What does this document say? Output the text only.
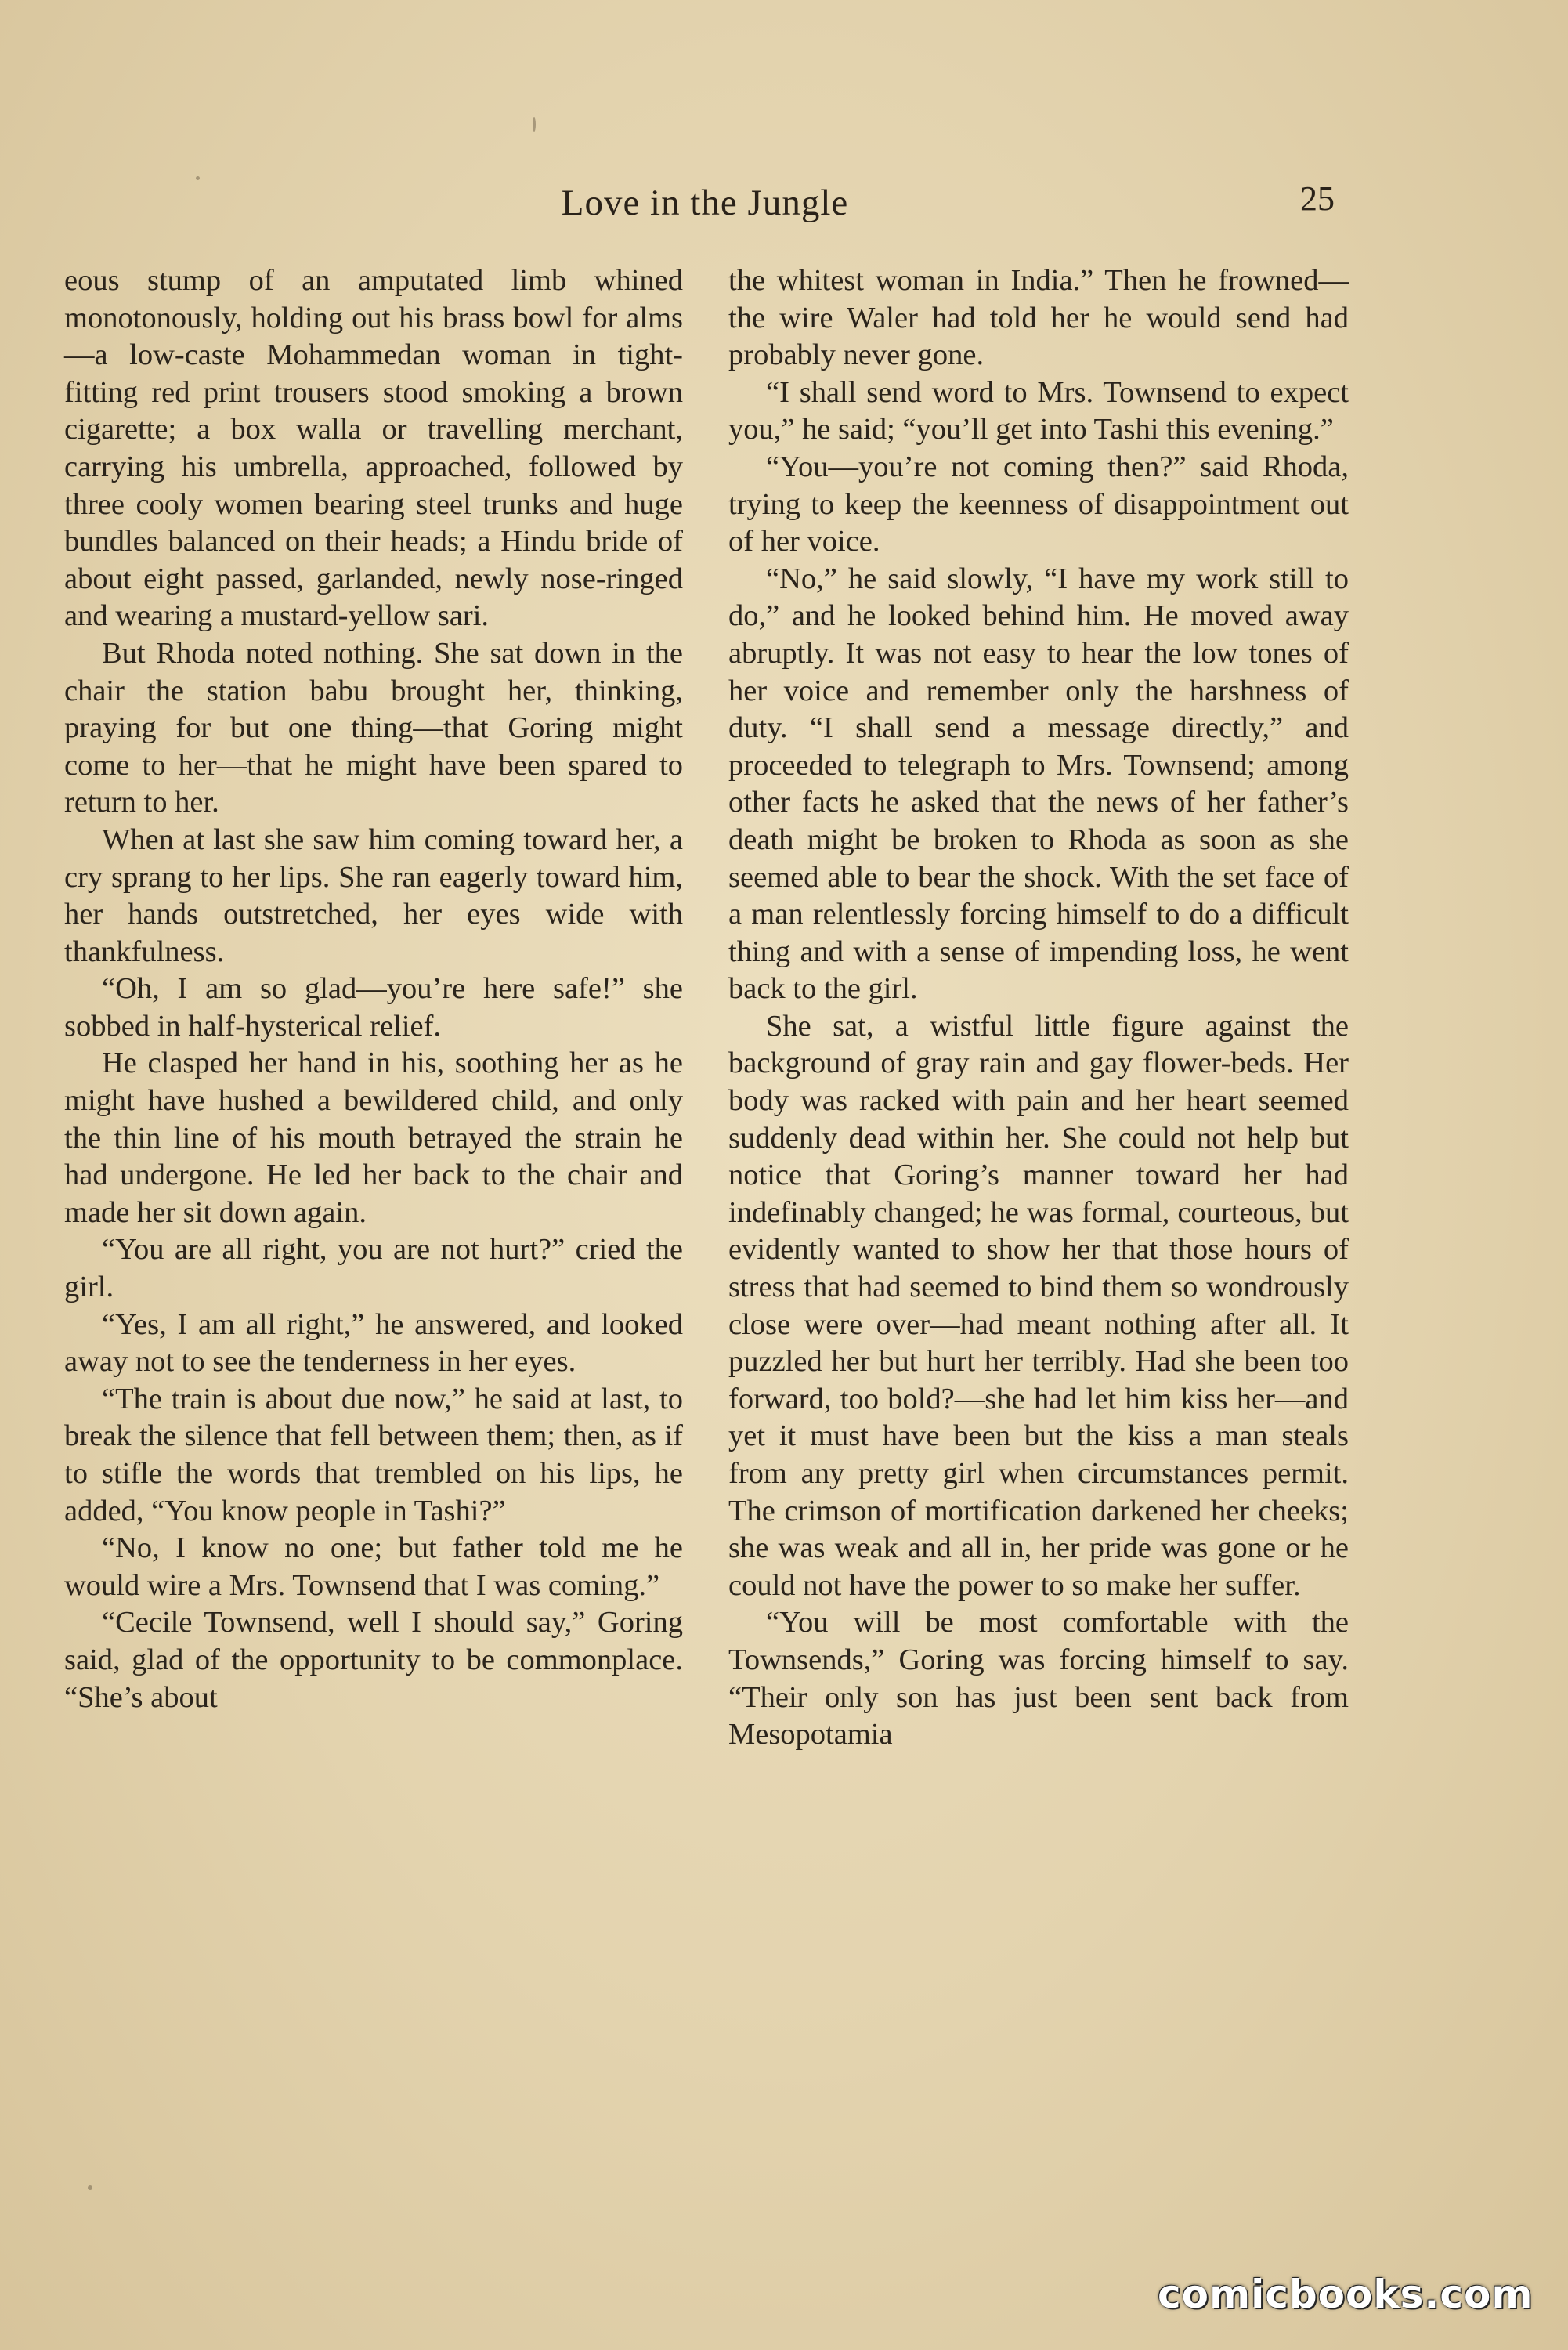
Love in the Jungle	25

eous stump of an amputated limb whined monotonously, holding out his brass bowl for alms—a low-caste Mohammedan woman in tight-fitting red print trousers stood smoking a brown cigarette; a box walla or travelling merchant, carrying his umbrella, approached, followed by three cooly women bearing steel trunks and huge bundles balanced on their heads; a Hindu bride of about eight passed, garlanded, newly nose-ringed and wearing a mustard-yellow sari.

But Rhoda noted nothing. She sat down in the chair the station babu brought her, thinking, praying for but one thing—that Goring might come to her—that he might have been spared to return to her.

When at last she saw him coming toward her, a cry sprang to her lips. She ran eagerly toward him, her hands outstretched, her eyes wide with thankfulness.

“Oh, I am so glad—you’re here safe!” she sobbed in half-hysterical relief.

He clasped her hand in his, soothing her as he might have hushed a bewildered child, and only the thin line of his mouth betrayed the strain he had undergone. He led her back to the chair and made her sit down again.

“You are all right, you are not hurt?” cried the girl.

“Yes, I am all right,” he answered, and looked away not to see the tenderness in her eyes.

“The train is about due now,” he said at last, to break the silence that fell between them; then, as if to stifle the words that trembled on his lips, he added, “You know people in Tashi?”

“No, I know no one; but father told me he would wire a Mrs. Townsend that I was coming.”

“Cecile Townsend, well I should say,” Goring said, glad of the opportunity to be commonplace. “She’s about

the whitest woman in India.” Then he frowned—the wire Waler had told her he would send had probably never gone.

“I shall send word to Mrs. Townsend to expect you,” he said; “you’ll get into Tashi this evening.”

“You—you’re not coming then?” said Rhoda, trying to keep the keenness of disappointment out of her voice.

“No,” he said slowly, “I have my work still to do,” and he looked behind him. He moved away abruptly. It was not easy to hear the low tones of her voice and remember only the harshness of duty. “I shall send a message directly,” and proceeded to telegraph to Mrs. Townsend; among other facts he asked that the news of her father’s death might be broken to Rhoda as soon as she seemed able to bear the shock. With the set face of a man relentlessly forcing himself to do a difficult thing and with a sense of impending loss, he went back to the girl.

She sat, a wistful little figure against the background of gray rain and gay flower-beds. Her body was racked with pain and her heart seemed suddenly dead within her. She could not help but notice that Goring’s manner toward her had indefinably changed; he was formal, courteous, but evidently wanted to show her that those hours of stress that had seemed to bind them so wondrously close were over—had meant nothing after all. It puzzled her but hurt her terribly. Had she been too forward, too bold?—she had let him kiss her—and yet it must have been but the kiss a man steals from any pretty girl when circumstances permit. The crimson of mortification darkened her cheeks; she was weak and all in, her pride was gone or he could not have the power to so make her suffer.

“You will be most comfortable with the Townsends,” Goring was forcing himself to say. “Their only son has just been sent back from Mesopotamia

comicbooks.com
